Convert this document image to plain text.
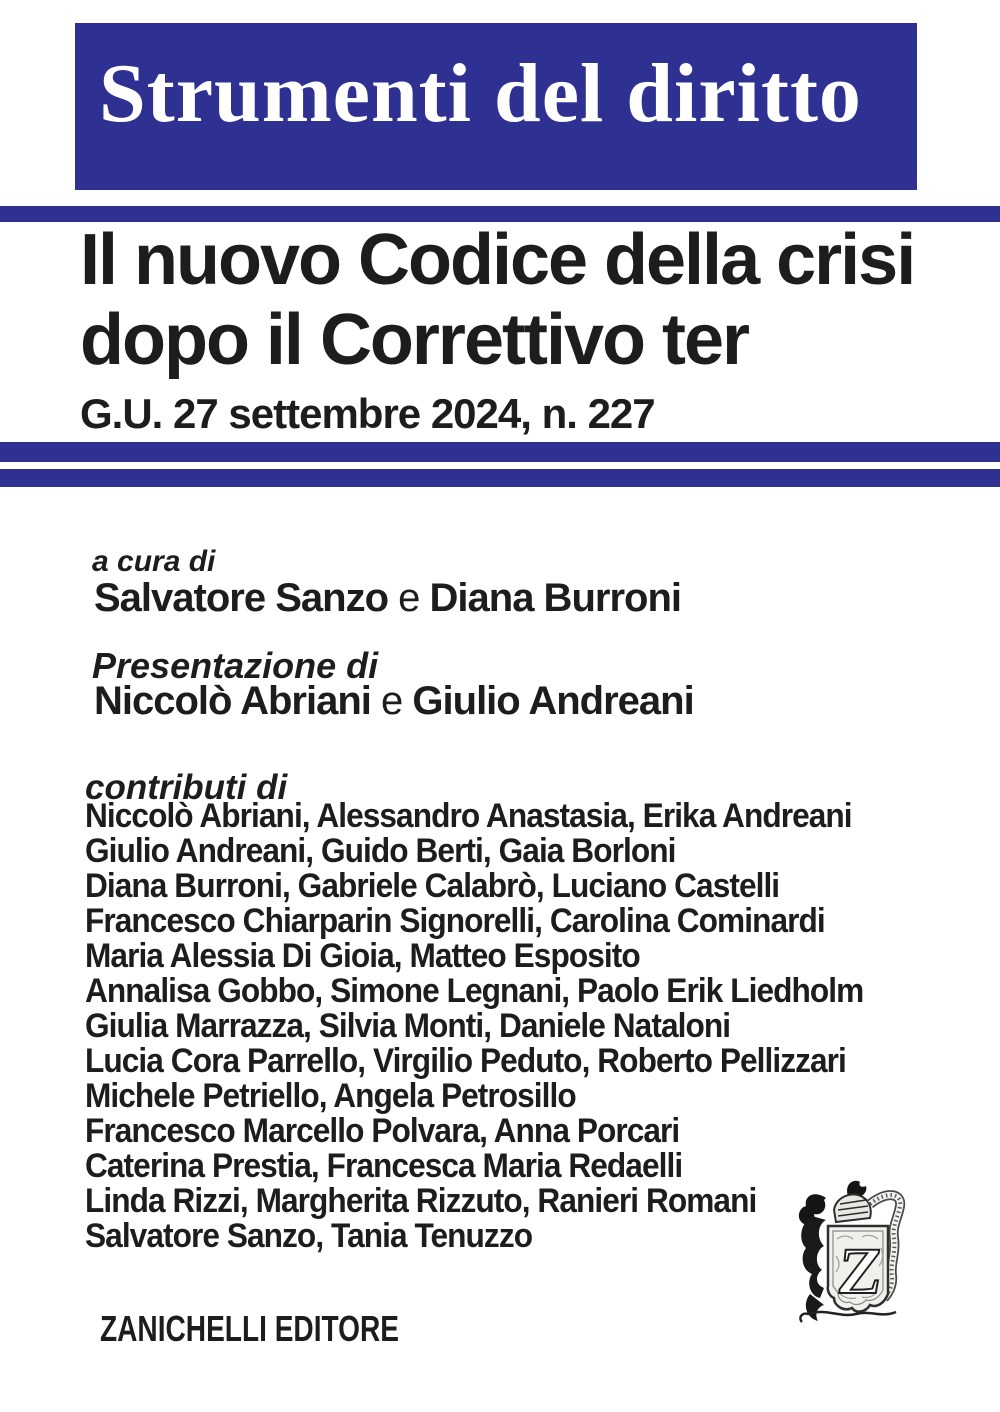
Strumenti del diritto
Il nuovo Codice della crisi
dopo il Correttivo ter
G.U. 27 settembre 2024, n. 227
a cura di
Salvatore Sanzo e Diana Burroni
Presentazione di
Niccolò Abriani e Giulio Andreani
contributi di
Niccolò Abriani, Alessandro Anastasia, Erika Andreani
Giulio Andreani, Guido Berti, Gaia Borloni
Diana Burroni, Gabriele Calabrò, Luciano Castelli
Francesco Chiarparin Signorelli, Carolina Cominardi
Maria Alessia Di Gioia, Matteo Esposito
Annalisa Gobbo, Simone Legnani, Paolo Erik Liedholm
Giulia Marrazza, Silvia Monti, Daniele Nataloni
Lucia Cora Parrello, Virgilio Peduto, Roberto Pellizzari
Michele Petriello, Angela Petrosillo
Francesco Marcello Polvara, Anna Porcari
Caterina Prestia, Francesca Maria Redaelli
Linda Rizzi, Margherita Rizzuto, Ranieri Romani
Salvatore Sanzo, Tania Tenuzzo
ZANICHELLI EDITORE
Z
